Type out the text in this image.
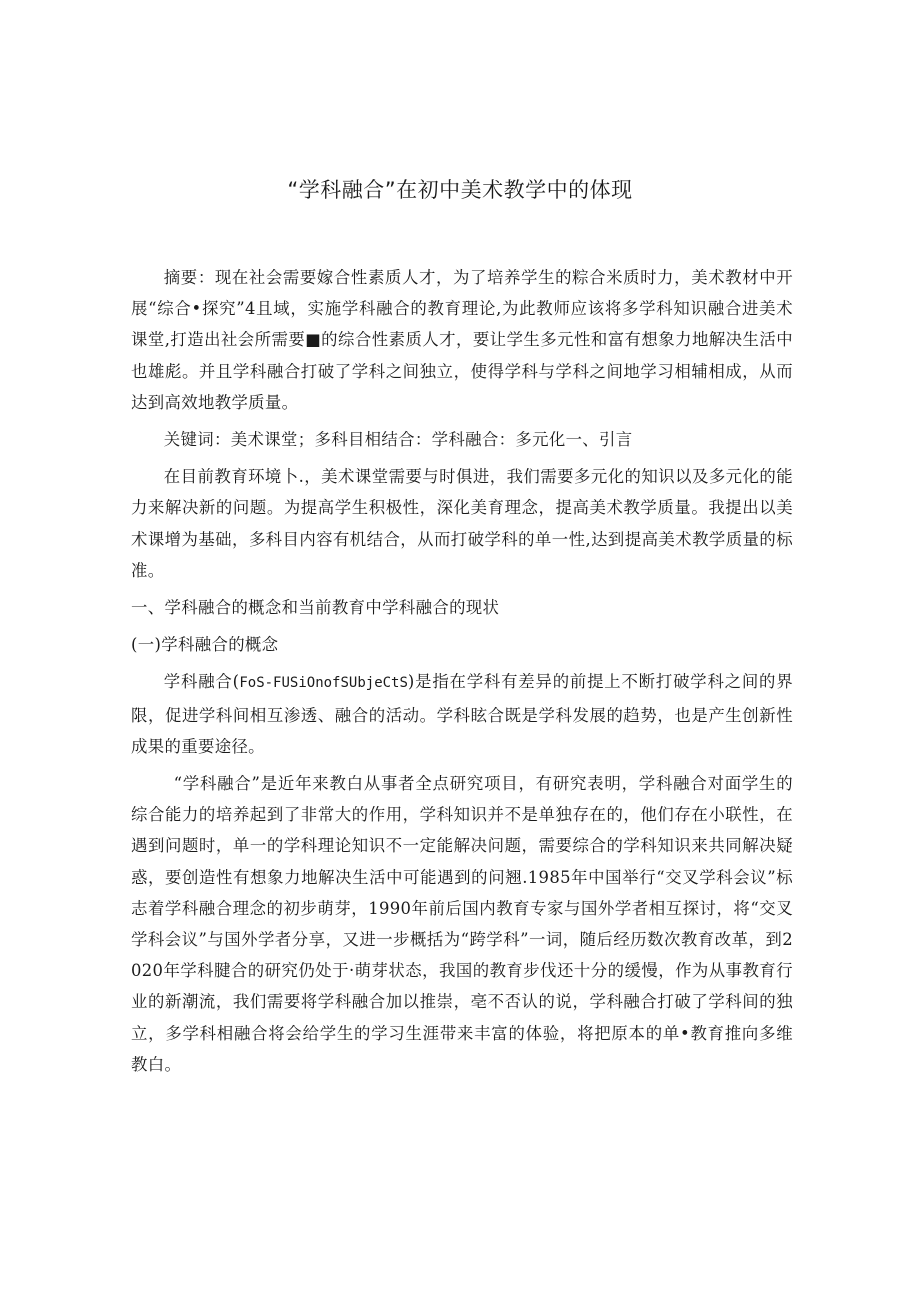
“学科融合”在初中美术教学中的体现

摘要：现在社会需要嫁合性素质人才，为了培养学生的粽合米质时力，美术教材中开展“综合•探究”4且域，实施学科融合的教育理论,为此教师应该将多学科知识融合进美术课堂,打造出社会所需要■的综合性素质人才，要让学生多元性和富有想象力地解决生活中也雄彪。并且学科融合打破了学科之间独立，使得学科与学科之间地学习相辅相成，从而达到高效地教学质量。

关键词：美术课堂；多科目相结合：学科融合：多元化一、引言

在目前教育环境卜.，美术课堂需要与时俱进，我们需要多元化的知识以及多元化的能力来解决新的问题。为提高学生积极性，深化美育理念，提高美术教学质量。我提出以美术课增为基础，多科目内容有机结合，从而打破学科的单一性,达到提高美术教学质量的标准。

一、学科融合的概念和当前教育中学科融合的现状

(一)学科融合的概念

学科融合(FoS-FUSiOnofSUbjeCtS)是指在学科有差异的前提上不断打破学科之间的界限，促进学科间相互渗透、融合的活动。学科眩合既是学科发展的趋势，也是产生创新性成果的重要途径。

“学科融合”是近年来教白从事者全点研究项目，有研究表明，学科融合对面学生的综合能力的培养起到了非常大的作用，学科知识并不是单独存在的，他们存在小联性，在遇到问题时，单一的学科理论知识不一定能解决问题，需要综合的学科知识来共同解决疑惑，要创造性有想象力地解决生活中可能遇到的问翘.1985年中国举行“交叉学科会议”标志着学科融合理念的初步萌芽，1990年前后国内教育专家与国外学者相互探讨，将“交叉学科会议”与国外学者分享，又进一步概括为“跨学科”一词，随后经历数次教育改革，到2020年学科腱合的研究仍处于·萌芽状态，我国的教育步伐还十分的缓慢，作为从事教育行业的新潮流，我们需要将学科融合加以推崇，亳不否认的说，学科融合打破了学科间的独立，多学科相融合将会给学生的学习生涯带来丰富的体验，将把原本的单•教育推向多维教白。
